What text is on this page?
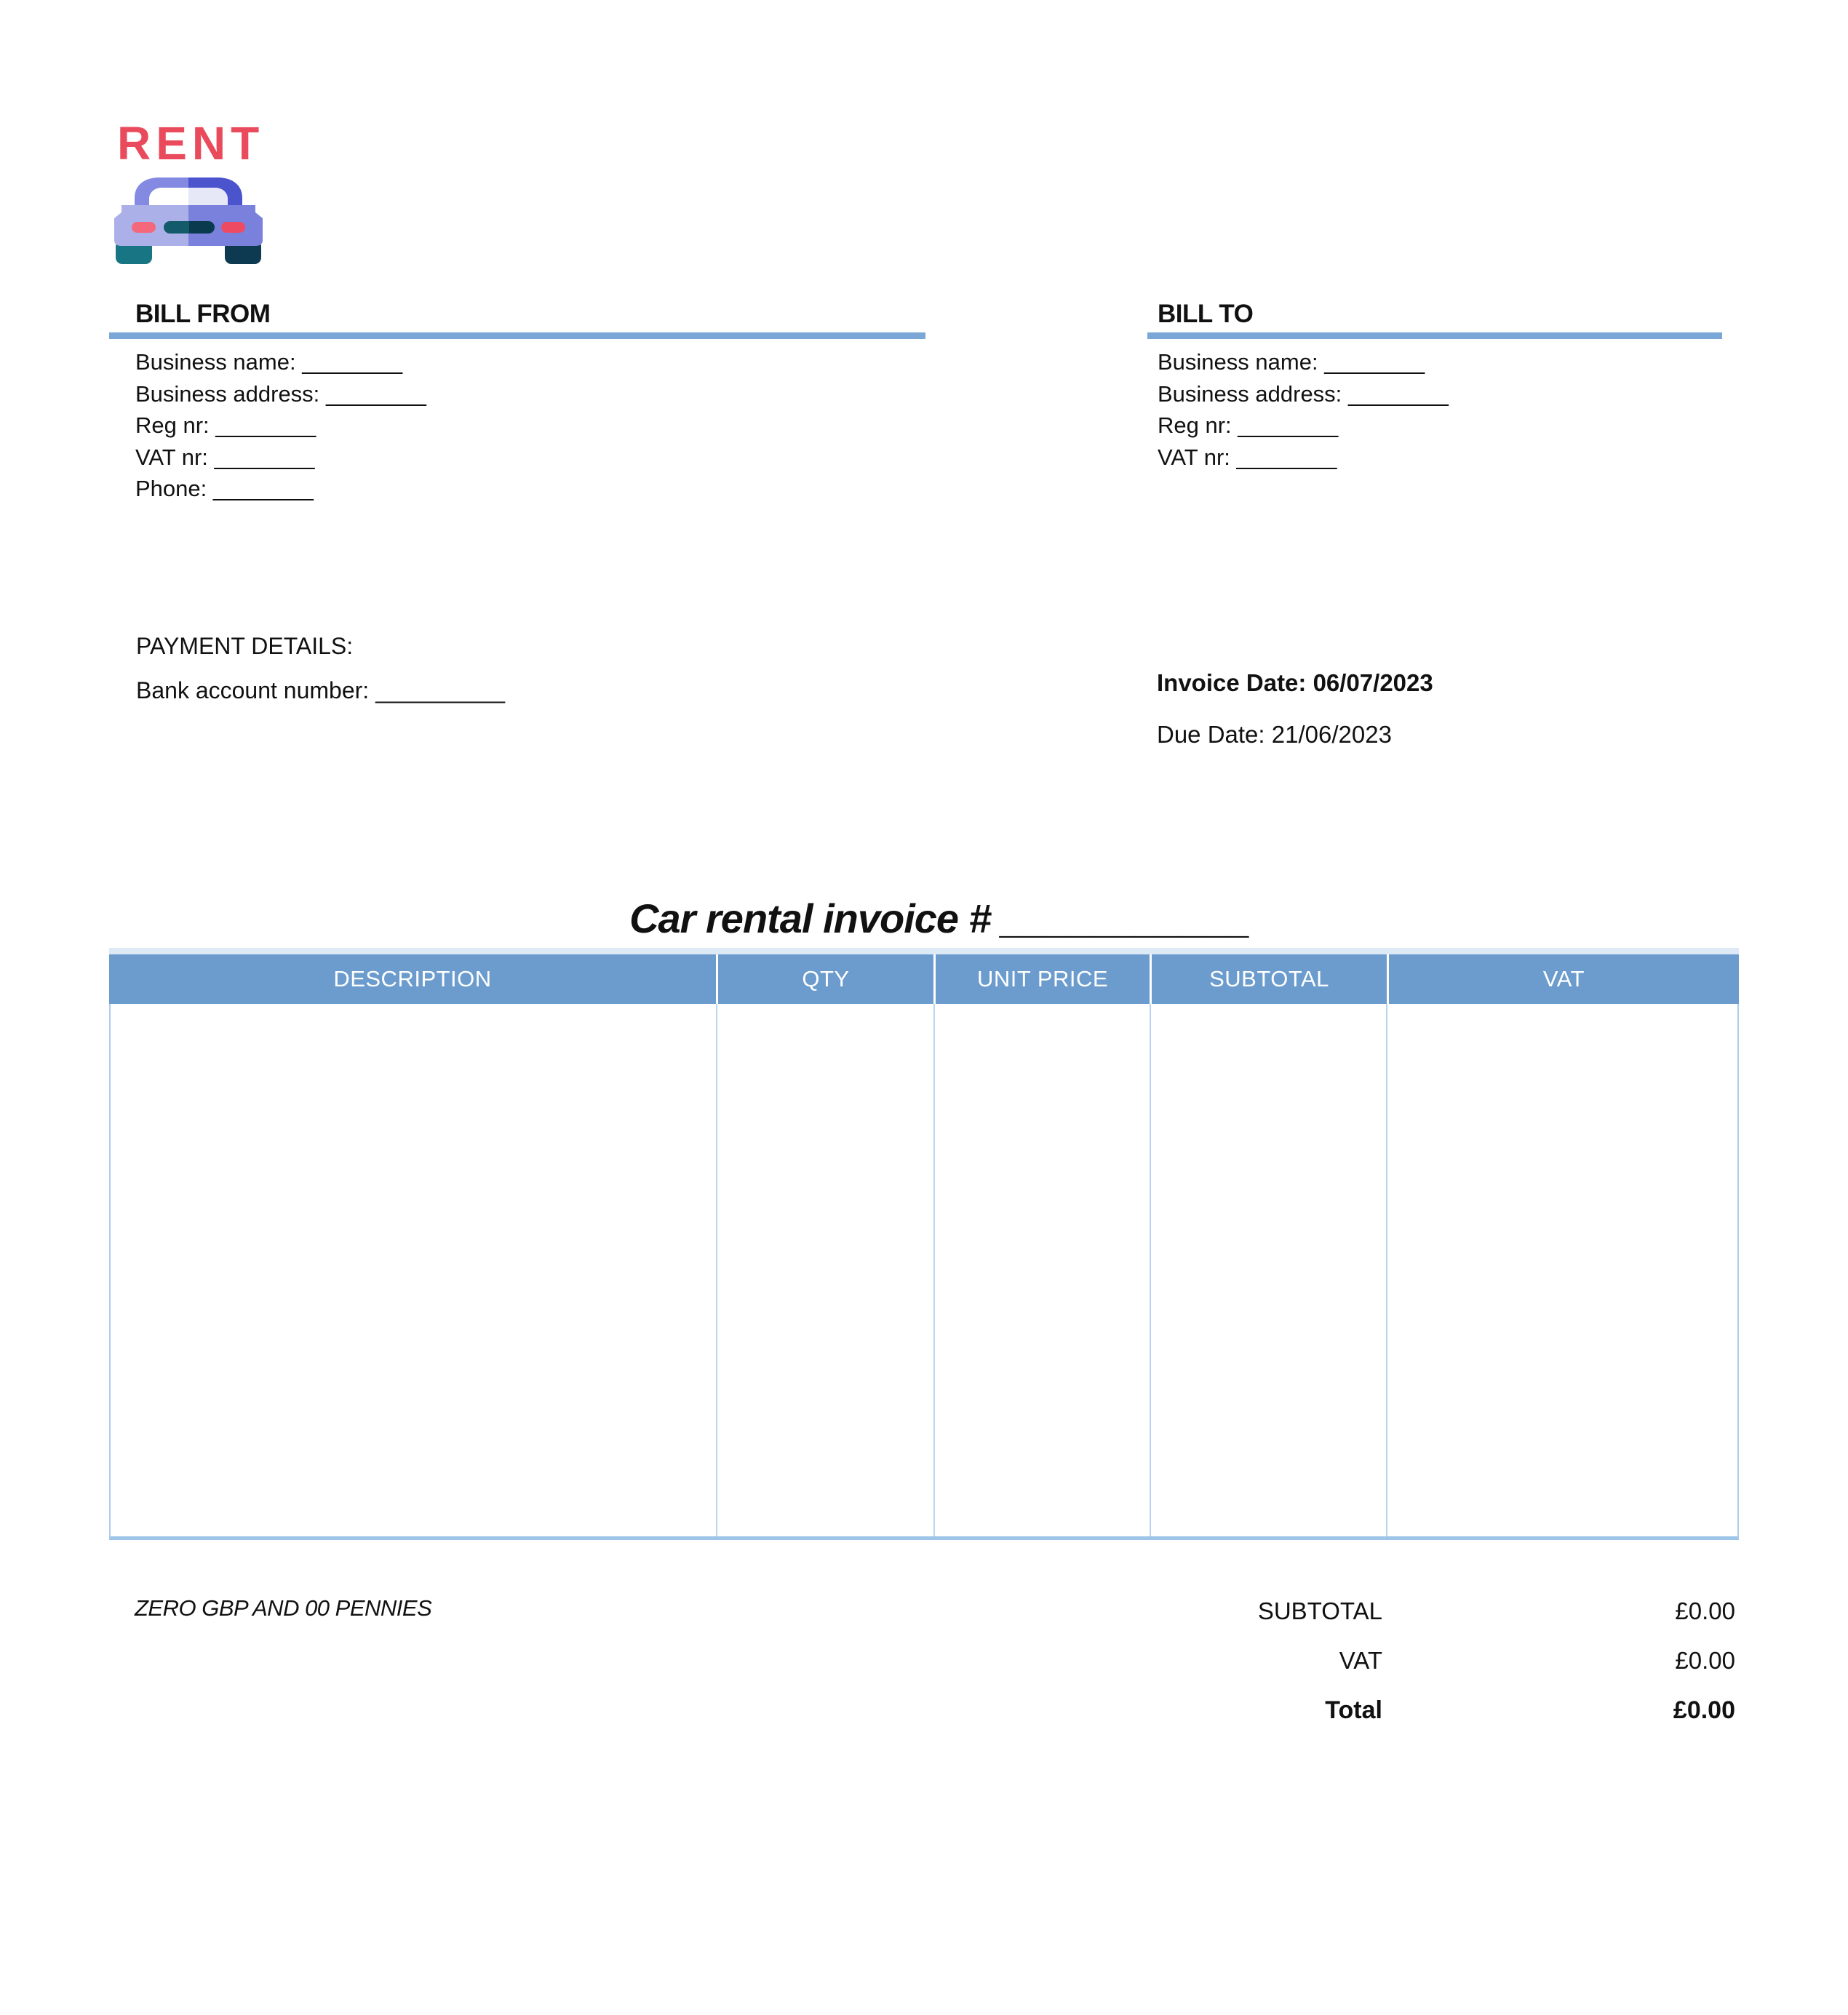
RENT
BILL FROM
Business name: ________
Business address: ________
Reg nr: ________
VAT nr: ________
Phone: ________
BILL TO
Business name: ________
Business address: ________
Reg nr: ________
VAT nr: ________
PAYMENT DETAILS:
Bank account number: __________	Invoice Date: 06/07/2023
Due Date: 21/06/2023
Car rental invoice # ___________
DESCRIPTION	QTY	UNIT PRICE	SUBTOTAL	VAT
ZERO GBP AND 00 PENNIES	SUBTOTAL	£0.00
VAT	£0.00
Total	£0.00
